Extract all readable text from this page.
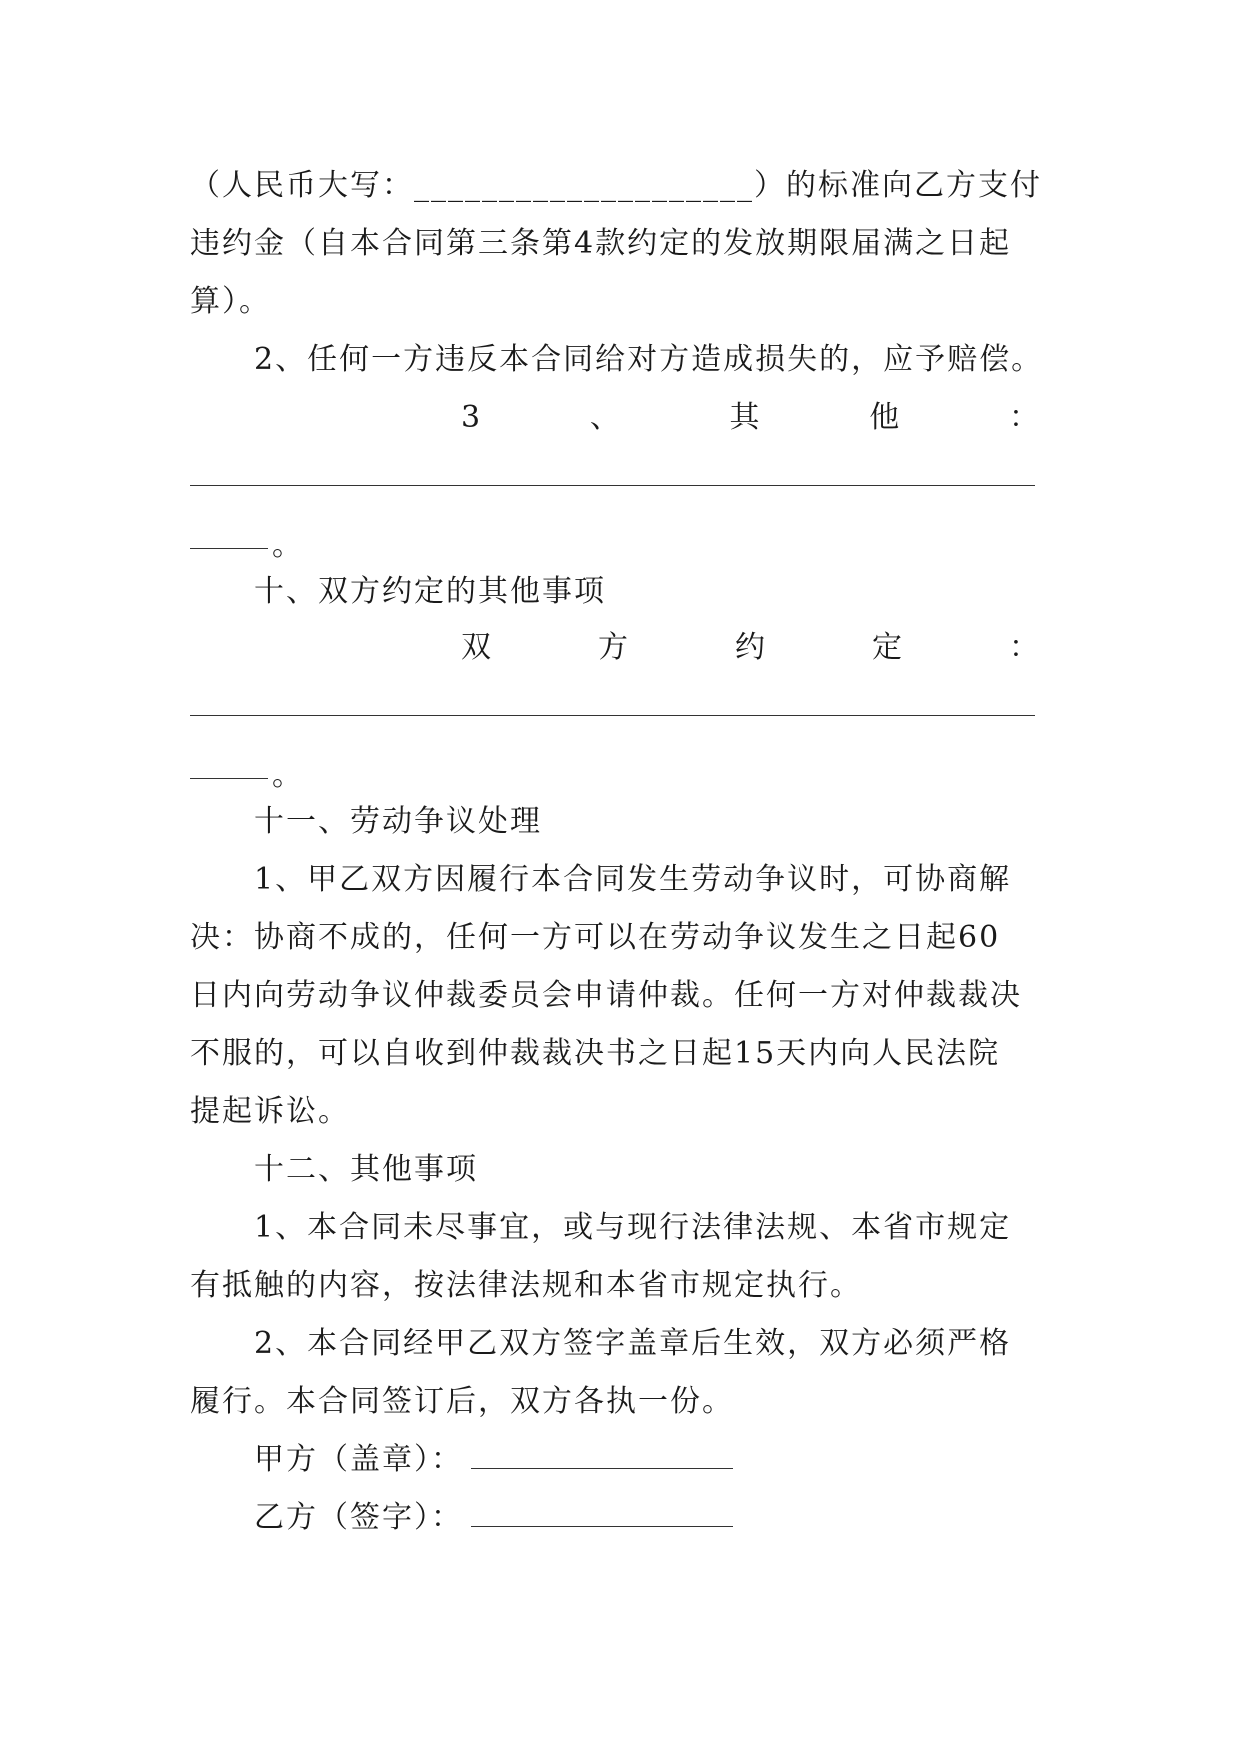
（人民币大写：____________________）的标准向乙方支付
违约金（自本合同第三条第4款约定的发放期限届满之日起
算）。
2、任何一方违反本合同给对方造成损失的，应予赔偿。
3	、	其	他	：
。
十、双方约定的其他事项
双	方	约	定	：
。
十一、劳动争议处理
1、甲乙双方因履行本合同发生劳动争议时，可协商解
决：协商不成的，任何一方可以在劳动争议发生之日起60
日内向劳动争议仲裁委员会申请仲裁。任何一方对仲裁裁决
不服的，可以自收到仲裁裁决书之日起15天内向人民法院
提起诉讼。
十二、其他事项
1、本合同未尽事宜，或与现行法律法规、本省市规定
有抵触的内容，按法律法规和本省市规定执行。
2、本合同经甲乙双方签字盖章后生效，双方必须严格
履行。本合同签订后，双方各执一份。
甲方（盖章）：
乙方（签字）：
